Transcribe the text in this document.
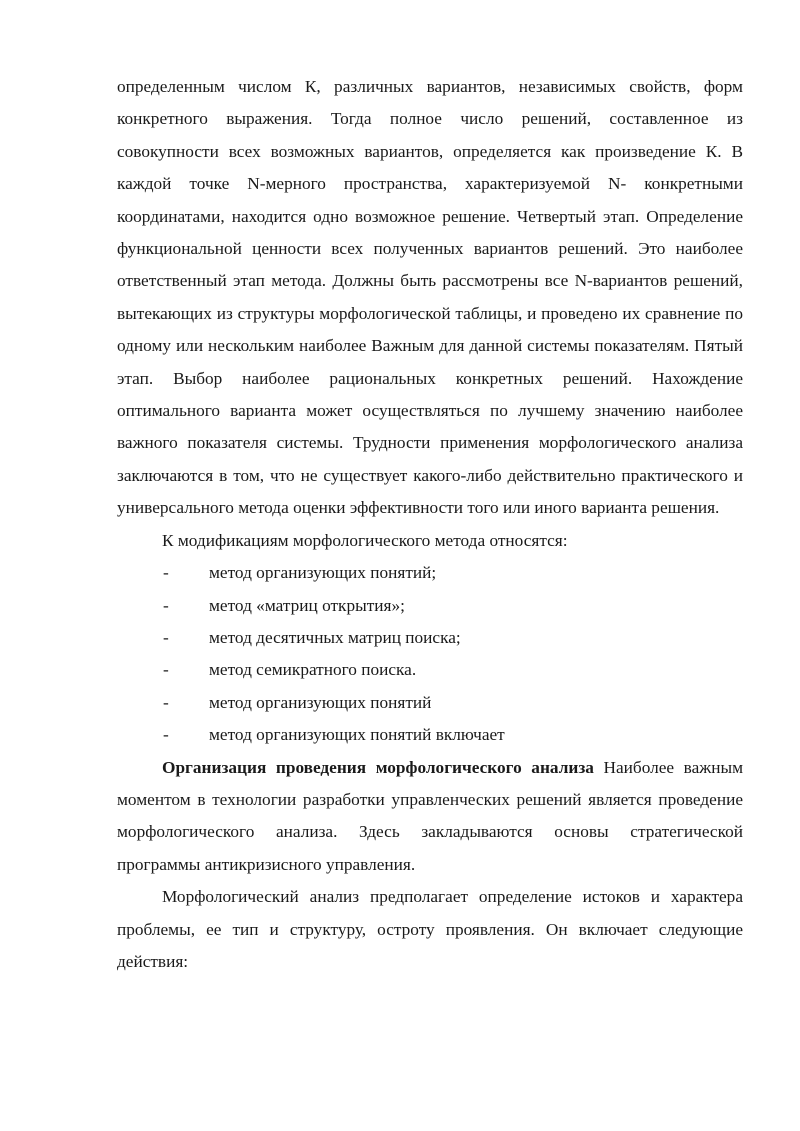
определенным числом К, различных вариантов, независимых свойств, форм конкретного выражения. Тогда полное число решений, составленное из совокупности всех возможных вариантов, определяется как произведение К. В каждой точке N-мерного пространства, характеризуемой N- конкретными координатами, находится одно возможное решение. Четвертый этап. Определение функциональной ценности всех полученных вариантов решений. Это наиболее ответственный этап метода. Должны быть рассмотрены все N-вариантов решений, вытекающих из структуры морфологической таблицы, и проведено их сравнение по одному или нескольким наиболее Важным для данной системы показателям. Пятый этап. Выбор наиболее рациональных конкретных решений. Нахождение оптимального варианта может осуществляться по лучшему значению наиболее важного показателя системы. Трудности применения морфологического анализа заключаются в том, что не существует какого-либо действительно практического и универсального метода оценки эффективности того или иного варианта решения.

К модификациям морфологического метода относятся:

- метод организующих понятий;
- метод «матриц открытия»;
- метод десятичных матриц поиска;
- метод семикратного поиска.
- метод организующих понятий
- метод организующих понятий включает

Организация проведения морфологического анализа Наиболее важным моментом в технологии разработки управленческих решений является проведение морфологического анализа. Здесь закладываются основы стратегической программы антикризисного управления.

Морфологический анализ предполагает определение истоков и характера проблемы, ее тип и структуру, остроту проявления. Он включает следующие действия:
